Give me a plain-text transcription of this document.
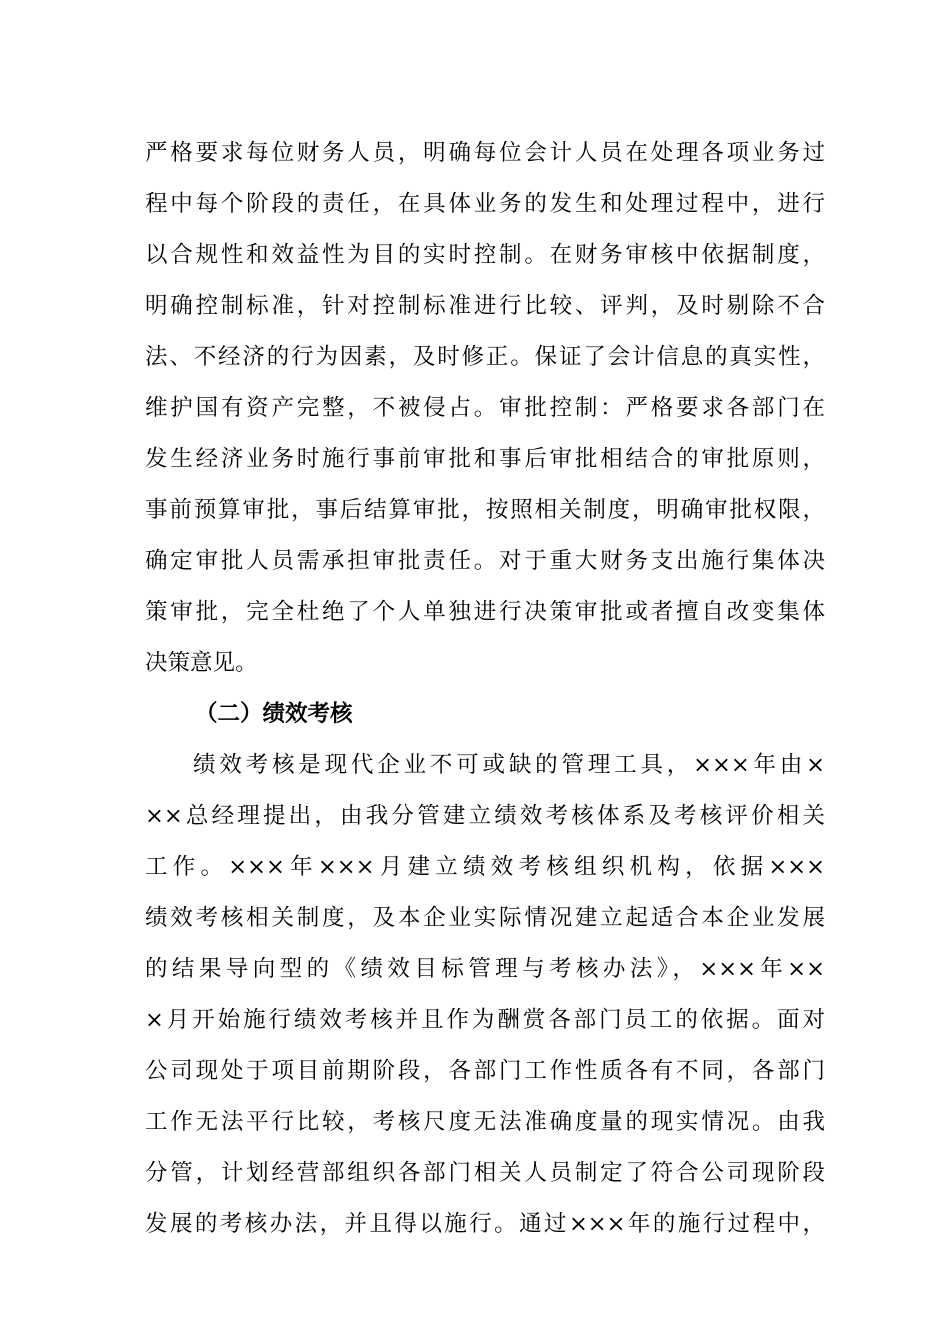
严格要求每位财务人员，明确每位会计人员在处理各项业务过
程中每个阶段的责任，在具体业务的发生和处理过程中，进行
以合规性和效益性为目的实时控制。在财务审核中依据制度，
明确控制标准，针对控制标准进行比较、评判，及时剔除不合
法、不经济的行为因素，及时修正。保证了会计信息的真实性，
维护国有资产完整，不被侵占。审批控制：严格要求各部门在
发生经济业务时施行事前审批和事后审批相结合的审批原则，
事前预算审批，事后结算审批，按照相关制度，明确审批权限，
确定审批人员需承担审批责任。对于重大财务支出施行集体决
策审批，完全杜绝了个人单独进行决策审批或者擅自改变集体
决策意见。
（二）绩效考核
绩效考核是现代企业不可或缺的管理工具，×××年由×
××总经理提出，由我分管建立绩效考核体系及考核评价相关
工作。×××年×××月建立绩效考核组织机构，依据×××
绩效考核相关制度，及本企业实际情况建立起适合本企业发展
的结果导向型的《绩效目标管理与考核办法》，×××年××
×月开始施行绩效考核并且作为酬赏各部门员工的依据。面对
公司现处于项目前期阶段，各部门工作性质各有不同，各部门
工作无法平行比较，考核尺度无法准确度量的现实情况。由我
分管，计划经营部组织各部门相关人员制定了符合公司现阶段
发展的考核办法，并且得以施行。通过×××年的施行过程中，
